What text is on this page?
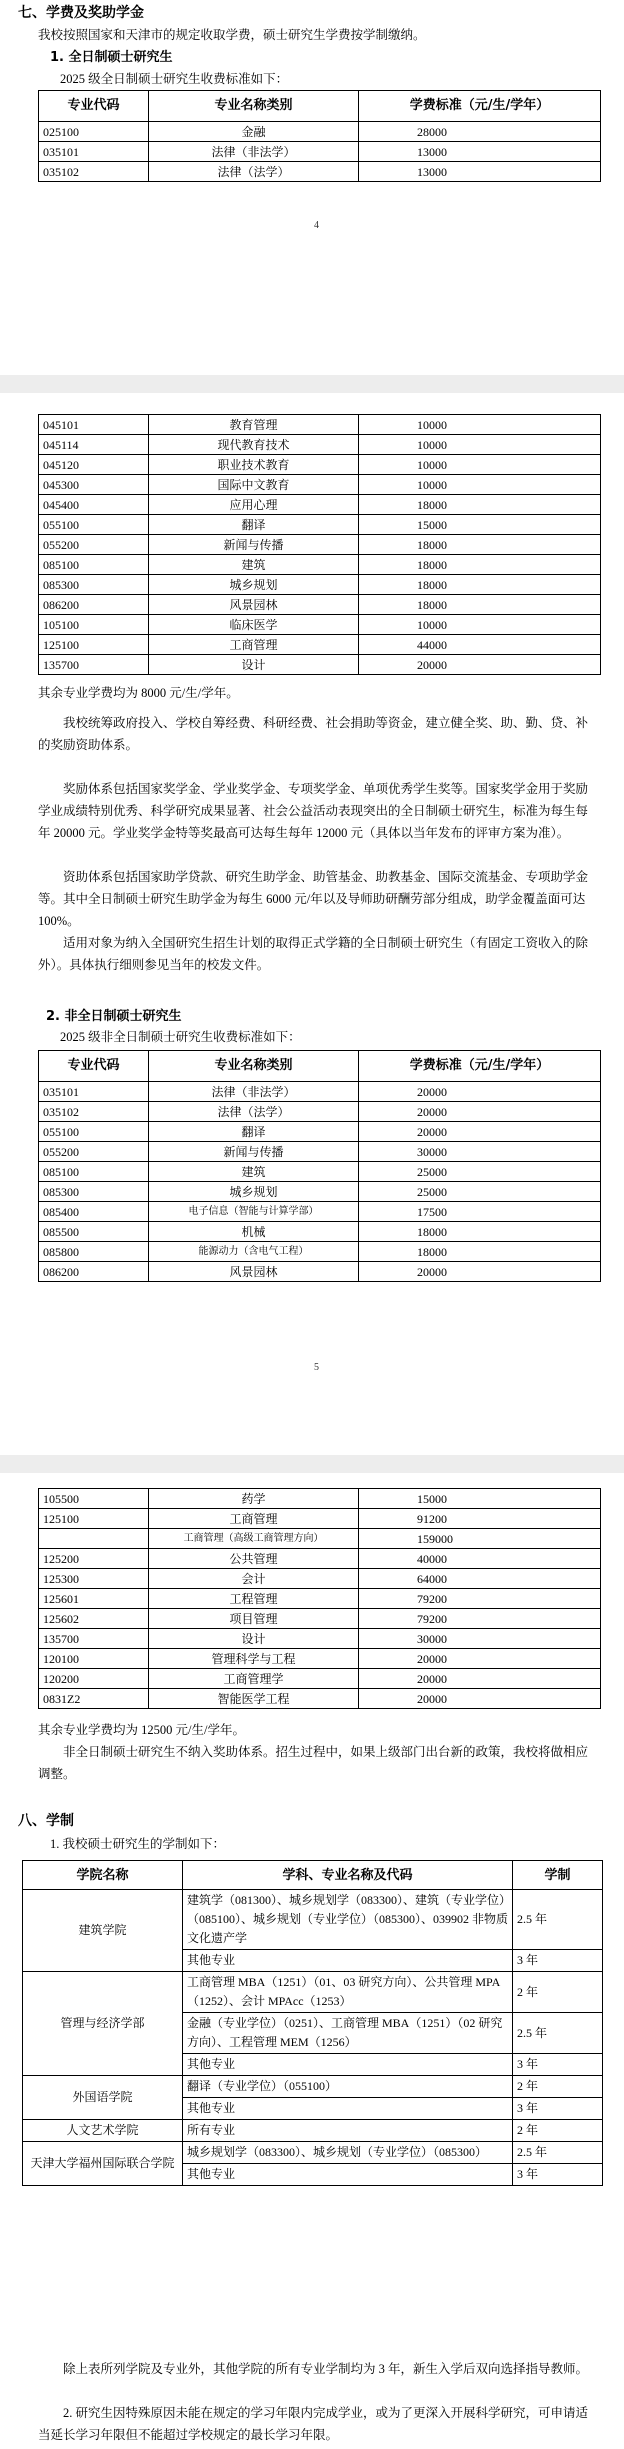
七、学费及奖助学金
我校按照国家和天津市的规定收取学费，硕士研究生学费按学制缴纳。
1. 全日制硕士研究生
2025 级全日制硕士研究生收费标准如下：
专业代码	专业名称类别	学费标准（元/生/学年）
025100	金融	28000
035101	法律（非法学）	13000
035102	法律（法学）	13000
4
045101	教育管理	10000
045114	现代教育技术	10000
045120	职业技术教育	10000
045300	国际中文教育	10000
045400	应用心理	18000
055100	翻译	15000
055200	新闻与传播	18000
085100	建筑	18000
085300	城乡规划	18000
086200	风景园林	18000
105100	临床医学	10000
125100	工商管理	44000
135700	设计	20000
其余专业学费均为 8000 元/生/学年。
我校统筹政府投入、学校自筹经费、科研经费、社会捐助等资金，建立健全奖、助、勤、贷、补的奖励资助体系。
奖励体系包括国家奖学金、学业奖学金、专项奖学金、单项优秀学生奖等。国家奖学金用于奖励学业成绩特别优秀、科学研究成果显著、社会公益活动表现突出的全日制硕士研究生，标准为每生每年 20000 元。学业奖学金特等奖最高可达每生每年 12000 元（具体以当年发布的评审方案为准）。
资助体系包括国家助学贷款、研究生助学金、助管基金、助教基金、国际交流基金、专项助学金等。其中全日制硕士研究生助学金为每生 6000 元/年以及导师助研酬劳部分组成，助学金覆盖面可达 100%。
适用对象为纳入全国研究生招生计划的取得正式学籍的全日制硕士研究生（有固定工资收入的除外）。具体执行细则参见当年的校发文件。
2. 非全日制硕士研究生
2025 级非全日制硕士研究生收费标准如下：
专业代码	专业名称类别	学费标准（元/生/学年）
035101	法律（非法学）	20000
035102	法律（法学）	20000
055100	翻译	20000
055200	新闻与传播	30000
085100	建筑	25000
085300	城乡规划	25000
085400	电子信息（智能与计算学部）	17500
085500	机械	18000
085800	能源动力（含电气工程）	18000
086200	风景园林	20000
5
105500	药学	15000
125100	工商管理	91200
	工商管理（高级工商管理方向）	159000
125200	公共管理	40000
125300	会计	64000
125601	工程管理	79200
125602	项目管理	79200
135700	设计	30000
120100	管理科学与工程	20000
120200	工商管理学	20000
0831Z2	智能医学工程	20000
其余专业学费均为 12500 元/生/学年。
非全日制硕士研究生不纳入奖助体系。招生过程中，如果上级部门出台新的政策，我校将做相应调整。
八、学制
1. 我校硕士研究生的学制如下：
学院名称	学科、专业名称及代码	学制
建筑学院	建筑学（081300）、城乡规划学（083300）、建筑（专业学位）（085100）、城乡规划（专业学位）（085300）、039902 非物质文化遗产学	2.5 年
	其他专业	3 年
管理与经济学部	工商管理 MBA（1251）（01、03 研究方向）、公共管理 MPA（1252）、会计 MPAcc（1253）	2 年
	金融（专业学位）（0251）、工商管理 MBA（1251）（02 研究方向）、工程管理 MEM（1256）	2.5 年
	其他专业	3 年
外国语学院	翻译（专业学位）（055100）	2 年
	其他专业	3 年
人文艺术学院	所有专业	2 年
天津大学福州国际联合学院	城乡规划学（083300）、城乡规划（专业学位）（085300）	2.5 年
	其他专业	3 年
除上表所列学院及专业外，其他学院的所有专业学制均为 3 年，新生入学后双向选择指导教师。
2. 研究生因特殊原因未能在规定的学习年限内完成学业，或为了更深入开展科学研究，可申请适当延长学习年限但不能超过学校规定的最长学习年限。
